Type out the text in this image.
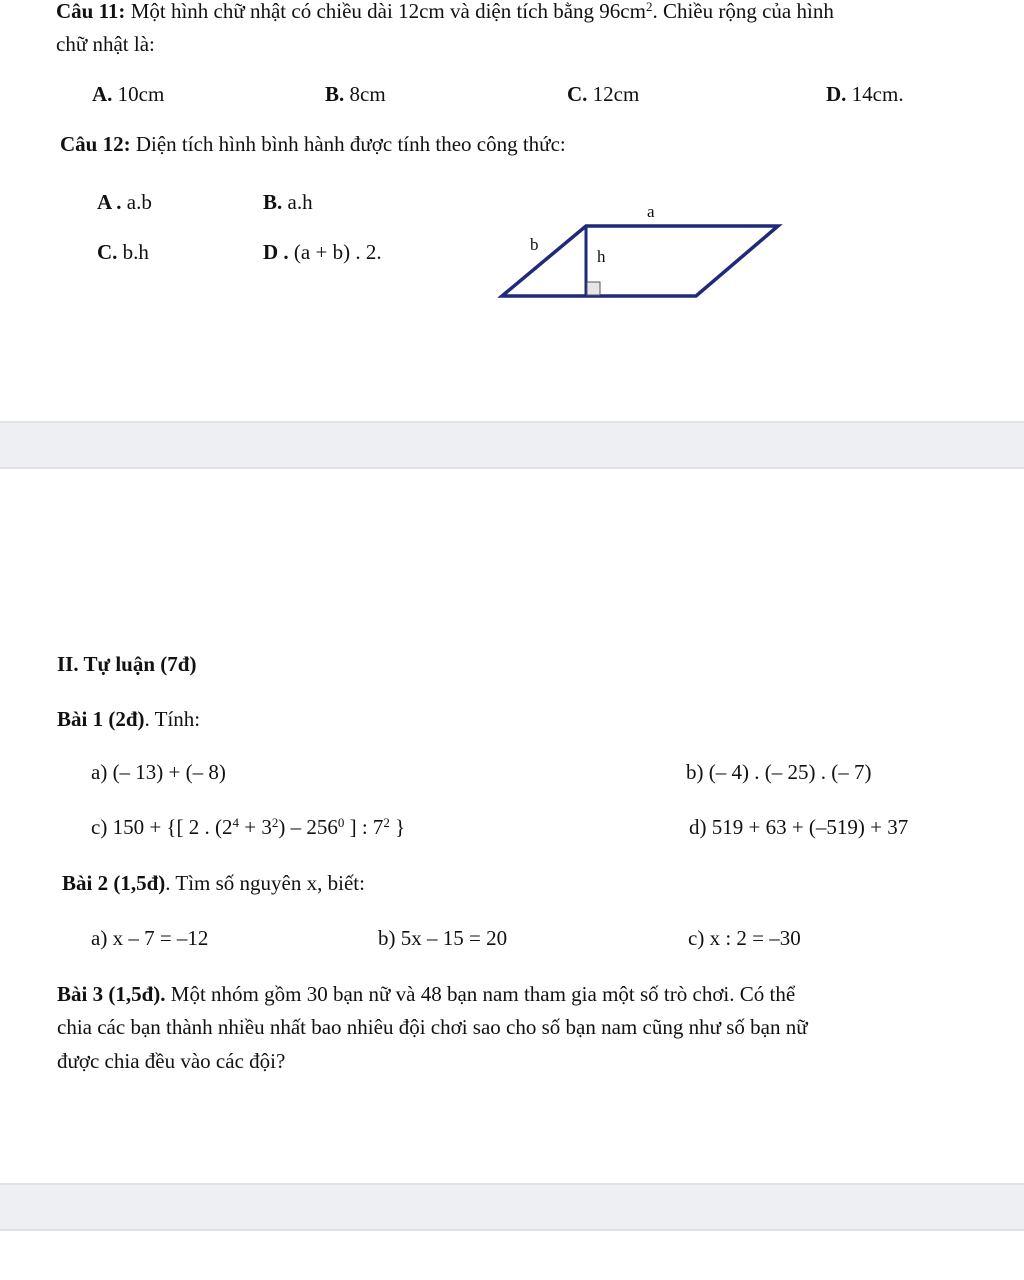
Câu 11: Một hình chữ nhật có chiều dài 12cm và diện tích bằng $96cm^2$. Chiều rộng của hình
chữ nhật là:
A. 10cm	B. 8cm	C. 12cm	D. 14cm.
Câu 12: Diện tích hình bình hành được tính theo công thức:
A . a.b	B. a.h
C. b.h	D . (a + b) . 2.
a
b
h
II. Tự luận (7đ)
Bài 1 (2đ). Tính:
a) (– 13) + (– 8)	b) (– 4) . (– 25) . (– 7)
c) 150 + {[ 2 . $(2^4 + 3^2) - 256^0$ ] : $7^2$ }	d) 519 + 63 + (–519) + 37
Bài 2 (1,5đ). Tìm số nguyên x, biết:
a) x – 7 = –12	b) 5x – 15 = 20	c) x : 2 = –30
Bài 3 (1,5đ). Một nhóm gồm 30 bạn nữ và 48 bạn nam tham gia một số trò chơi. Có thể
chia các bạn thành nhiều nhất bao nhiêu đội chơi sao cho số bạn nam cũng như số bạn nữ
được chia đều vào các đội?
